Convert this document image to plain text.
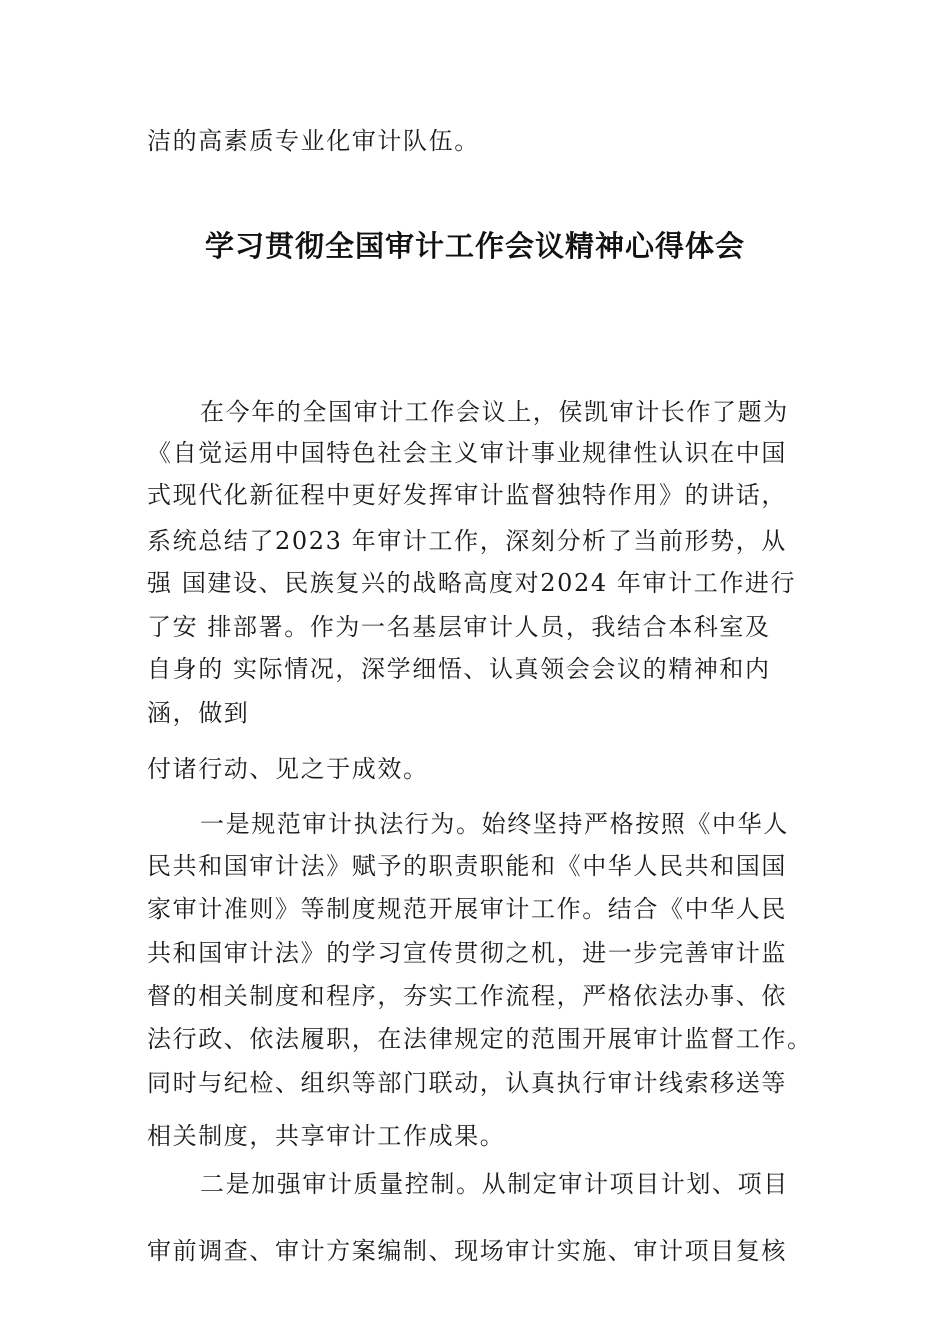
洁的高素质专业化审计队伍。
学习贯彻全国审计工作会议精神心得体会
在今年的全国审计工作会议上，侯凯审计长作了题为
《自觉运用中国特色社会主义审计事业规律性认识在中国
式现代化新征程中更好发挥审计监督独特作用》的讲话，
系统总结了2023 年审计工作，深刻分析了当前形势，从
强 国建设、民族复兴的战略高度对2024 年审计工作进行
了安 排部署。作为一名基层审计人员，我结合本科室及
自身的 实际情况，深学细悟、认真领会会议的精神和内
涵，做到
付诸行动、见之于成效。
一是规范审计执法行为。始终坚持严格按照《中华人
民共和国审计法》赋予的职责职能和《中华人民共和国国
家审计准则》等制度规范开展审计工作。结合《中华人民
共和国审计法》的学习宣传贯彻之机，进一步完善审计监
督的相关制度和程序，夯实工作流程，严格依法办事、依
法行政、依法履职，在法律规定的范围开展审计监督工作。
同时与纪检、组织等部门联动，认真执行审计线索移送等
相关制度，共享审计工作成果。
二是加强审计质量控制。从制定审计项目计划、项目
审前调查、审计方案编制、现场审计实施、审计项目复核
